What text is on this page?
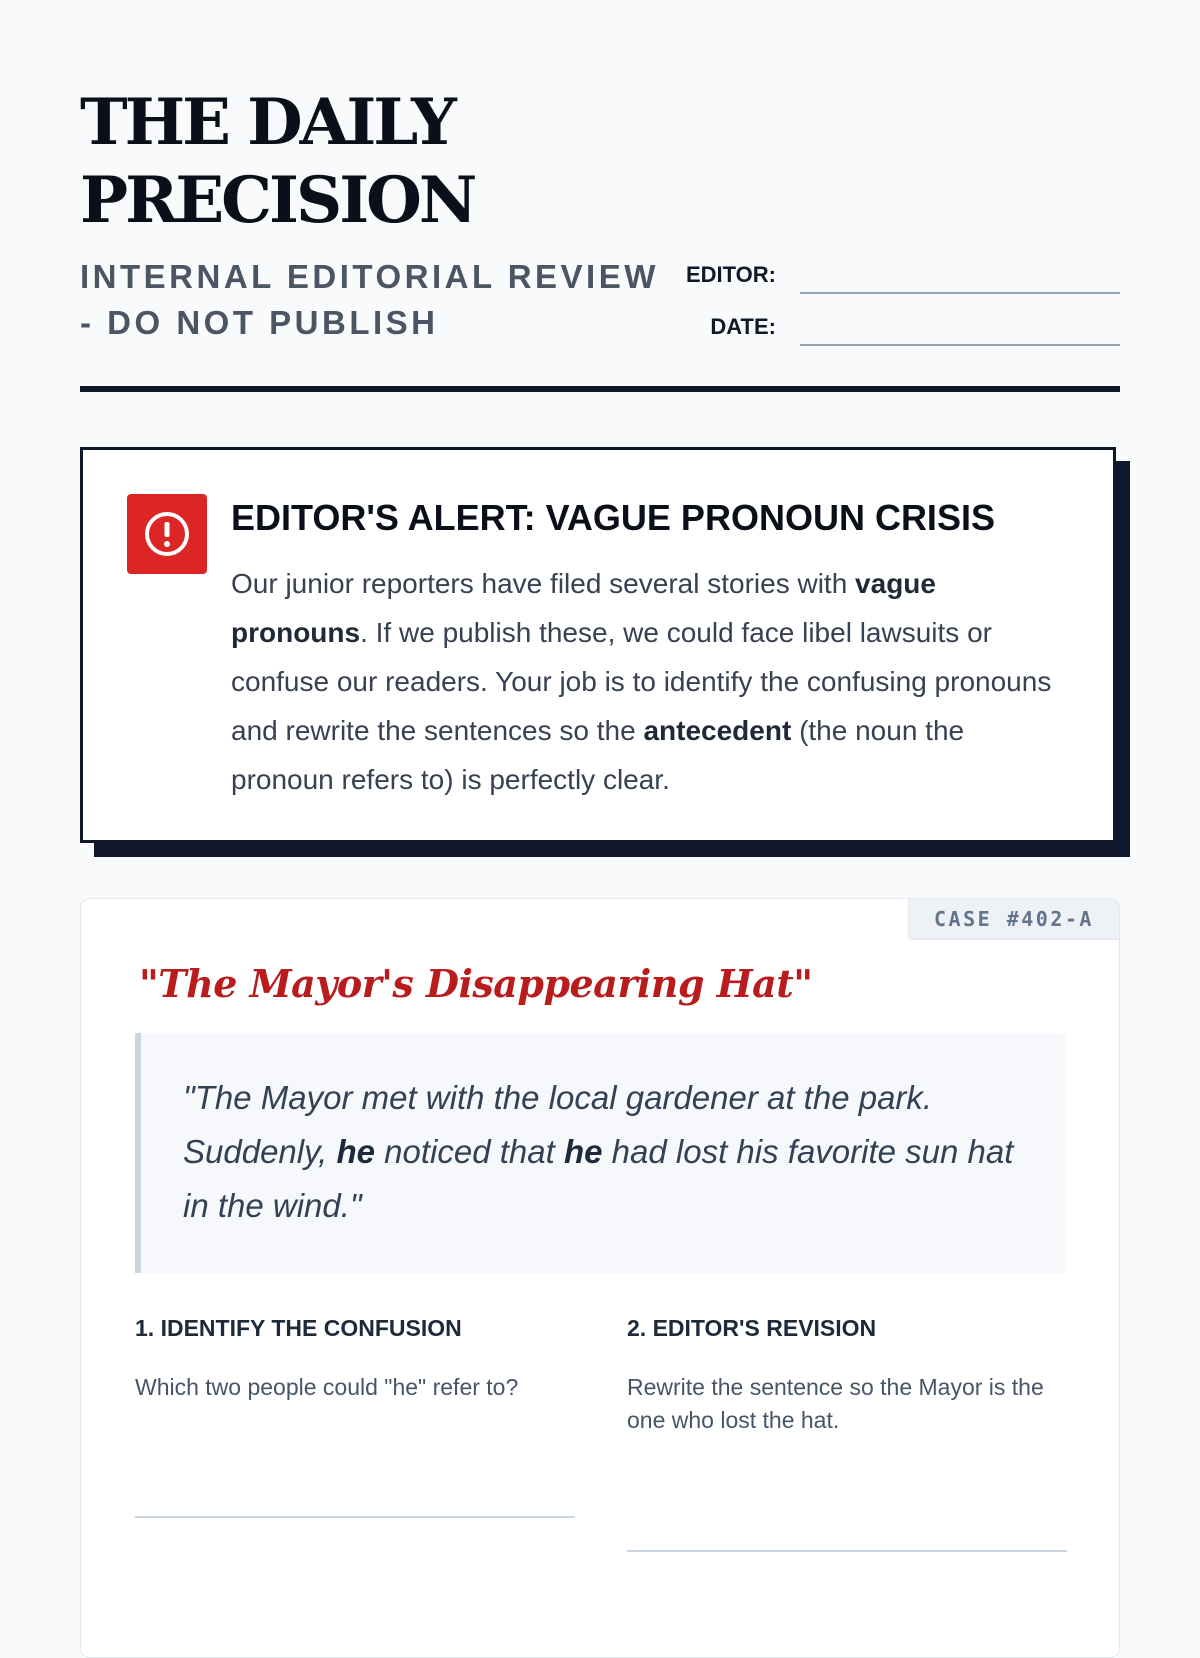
THE DAILY PRECISION
INTERNAL EDITORIAL REVIEW - DO NOT PUBLISH
EDITOR:
DATE:
EDITOR'S ALERT: VAGUE PRONOUN CRISIS
Our junior reporters have filed several stories with vague pronouns. If we publish these, we could face libel lawsuits or confuse our readers. Your job is to identify the confusing pronouns and rewrite the sentences so the antecedent (the noun the pronoun refers to) is perfectly clear.
CASE #402-A
"The Mayor's Disappearing Hat"

"The Mayor met with the local gardener at the park. Suddenly, he noticed that he had lost his favorite sun hat in the wind."

1. IDENTIFY THE CONFUSION
Which two people could "he" refer to?
2. EDITOR'S REVISION
Rewrite the sentence so the Mayor is the one who lost the hat.
